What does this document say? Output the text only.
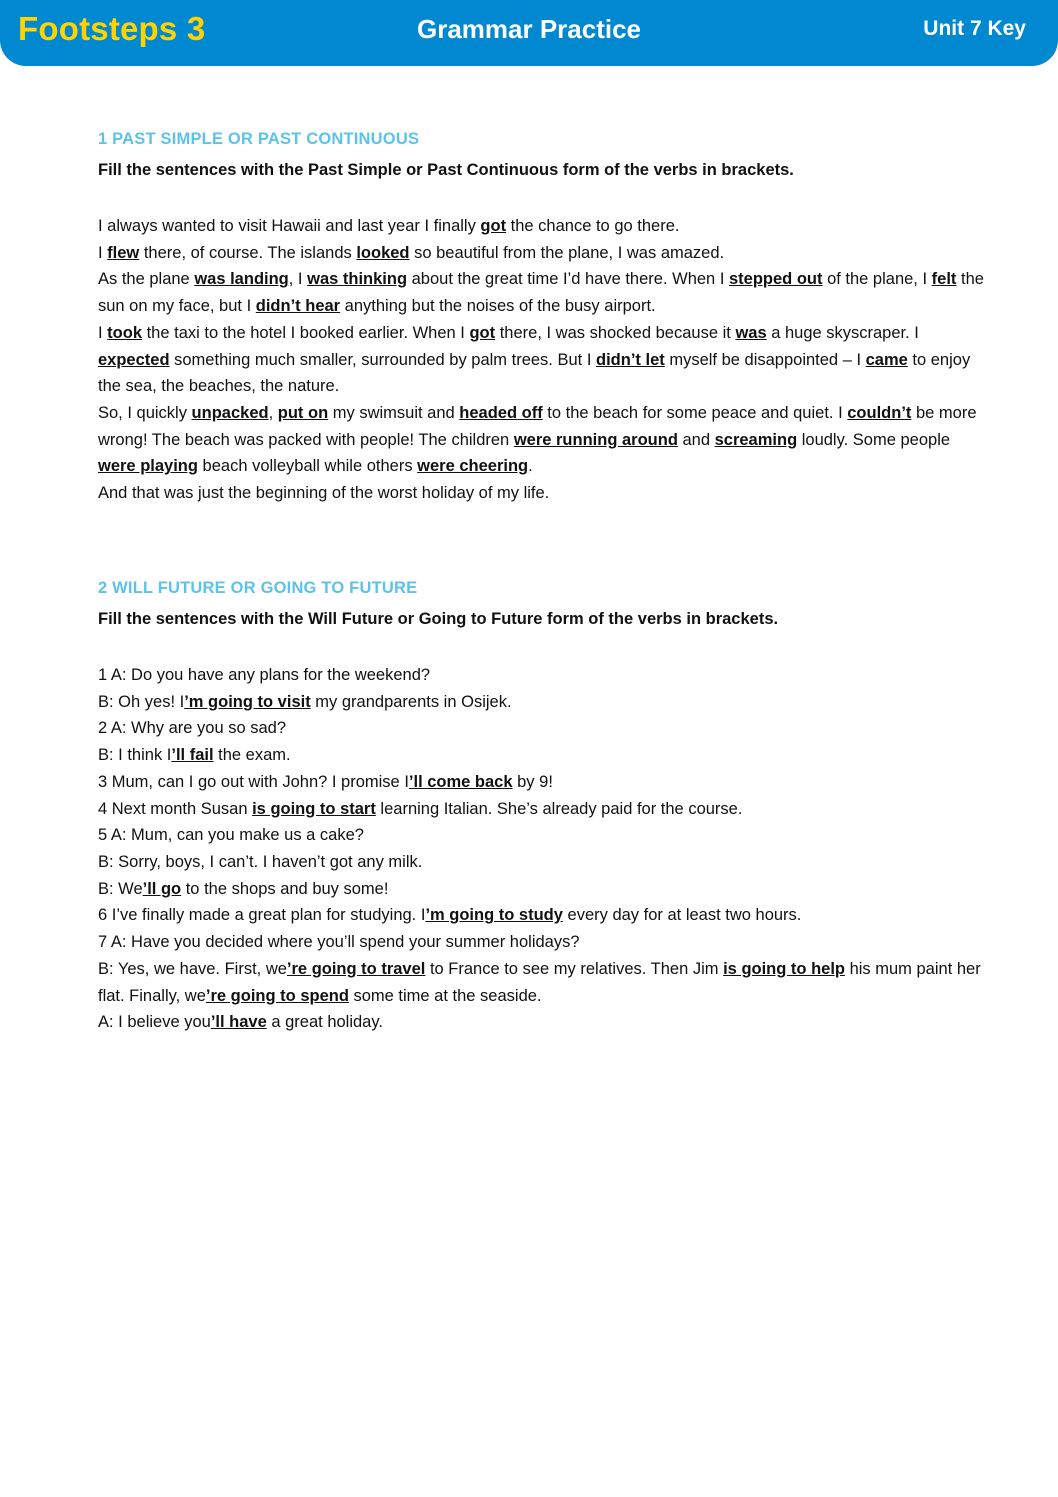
Footsteps 3	Grammar Practice	Unit 7 Key
1 PAST SIMPLE OR PAST CONTINUOUS
Fill the sentences with the Past Simple or Past Continuous form of the verbs in brackets.
I always wanted to visit Hawaii and last year I finally got the chance to go there.
I flew there, of course. The islands looked so beautiful from the plane, I was amazed.
As the plane was landing, I was thinking about the great time I’d have there. When I stepped out of the plane, I felt the sun on my face, but I didn’t hear anything but the noises of the busy airport.
I took the taxi to the hotel I booked earlier. When I got there, I was shocked because it was a huge skyscraper. I expected something much smaller, surrounded by palm trees. But I didn’t let myself be disappointed – I came to enjoy the sea, the beaches, the nature.
So, I quickly unpacked, put on my swimsuit and headed off to the beach for some peace and quiet. I couldn’t be more wrong! The beach was packed with people! The children were running around and screaming loudly. Some people were playing beach volleyball while others were cheering.
And that was just the beginning of the worst holiday of my life.
2 WILL FUTURE OR GOING TO FUTURE
Fill the sentences with the Will Future or Going to Future form of the verbs in brackets.
1 A: Do you have any plans for the weekend?
B: Oh yes! I’m going to visit my grandparents in Osijek.
2 A: Why are you so sad?
B: I think I’ll fail the exam.
3 Mum, can I go out with John? I promise I’ll come back by 9!
4 Next month Susan is going to start learning Italian. She’s already paid for the course.
5 A: Mum, can you make us a cake?
B: Sorry, boys, I can’t. I haven’t got any milk.
B: We’ll go to the shops and buy some!
6 I’ve finally made a great plan for studying. I’m going to study every day for at least two hours.
7 A: Have you decided where you’ll spend your summer holidays?
B: Yes, we have. First, we’re going to travel to France to see my relatives. Then Jim is going to help his mum paint her flat. Finally, we’re going to spend some time at the seaside.
A: I believe you’ll have a great holiday.
